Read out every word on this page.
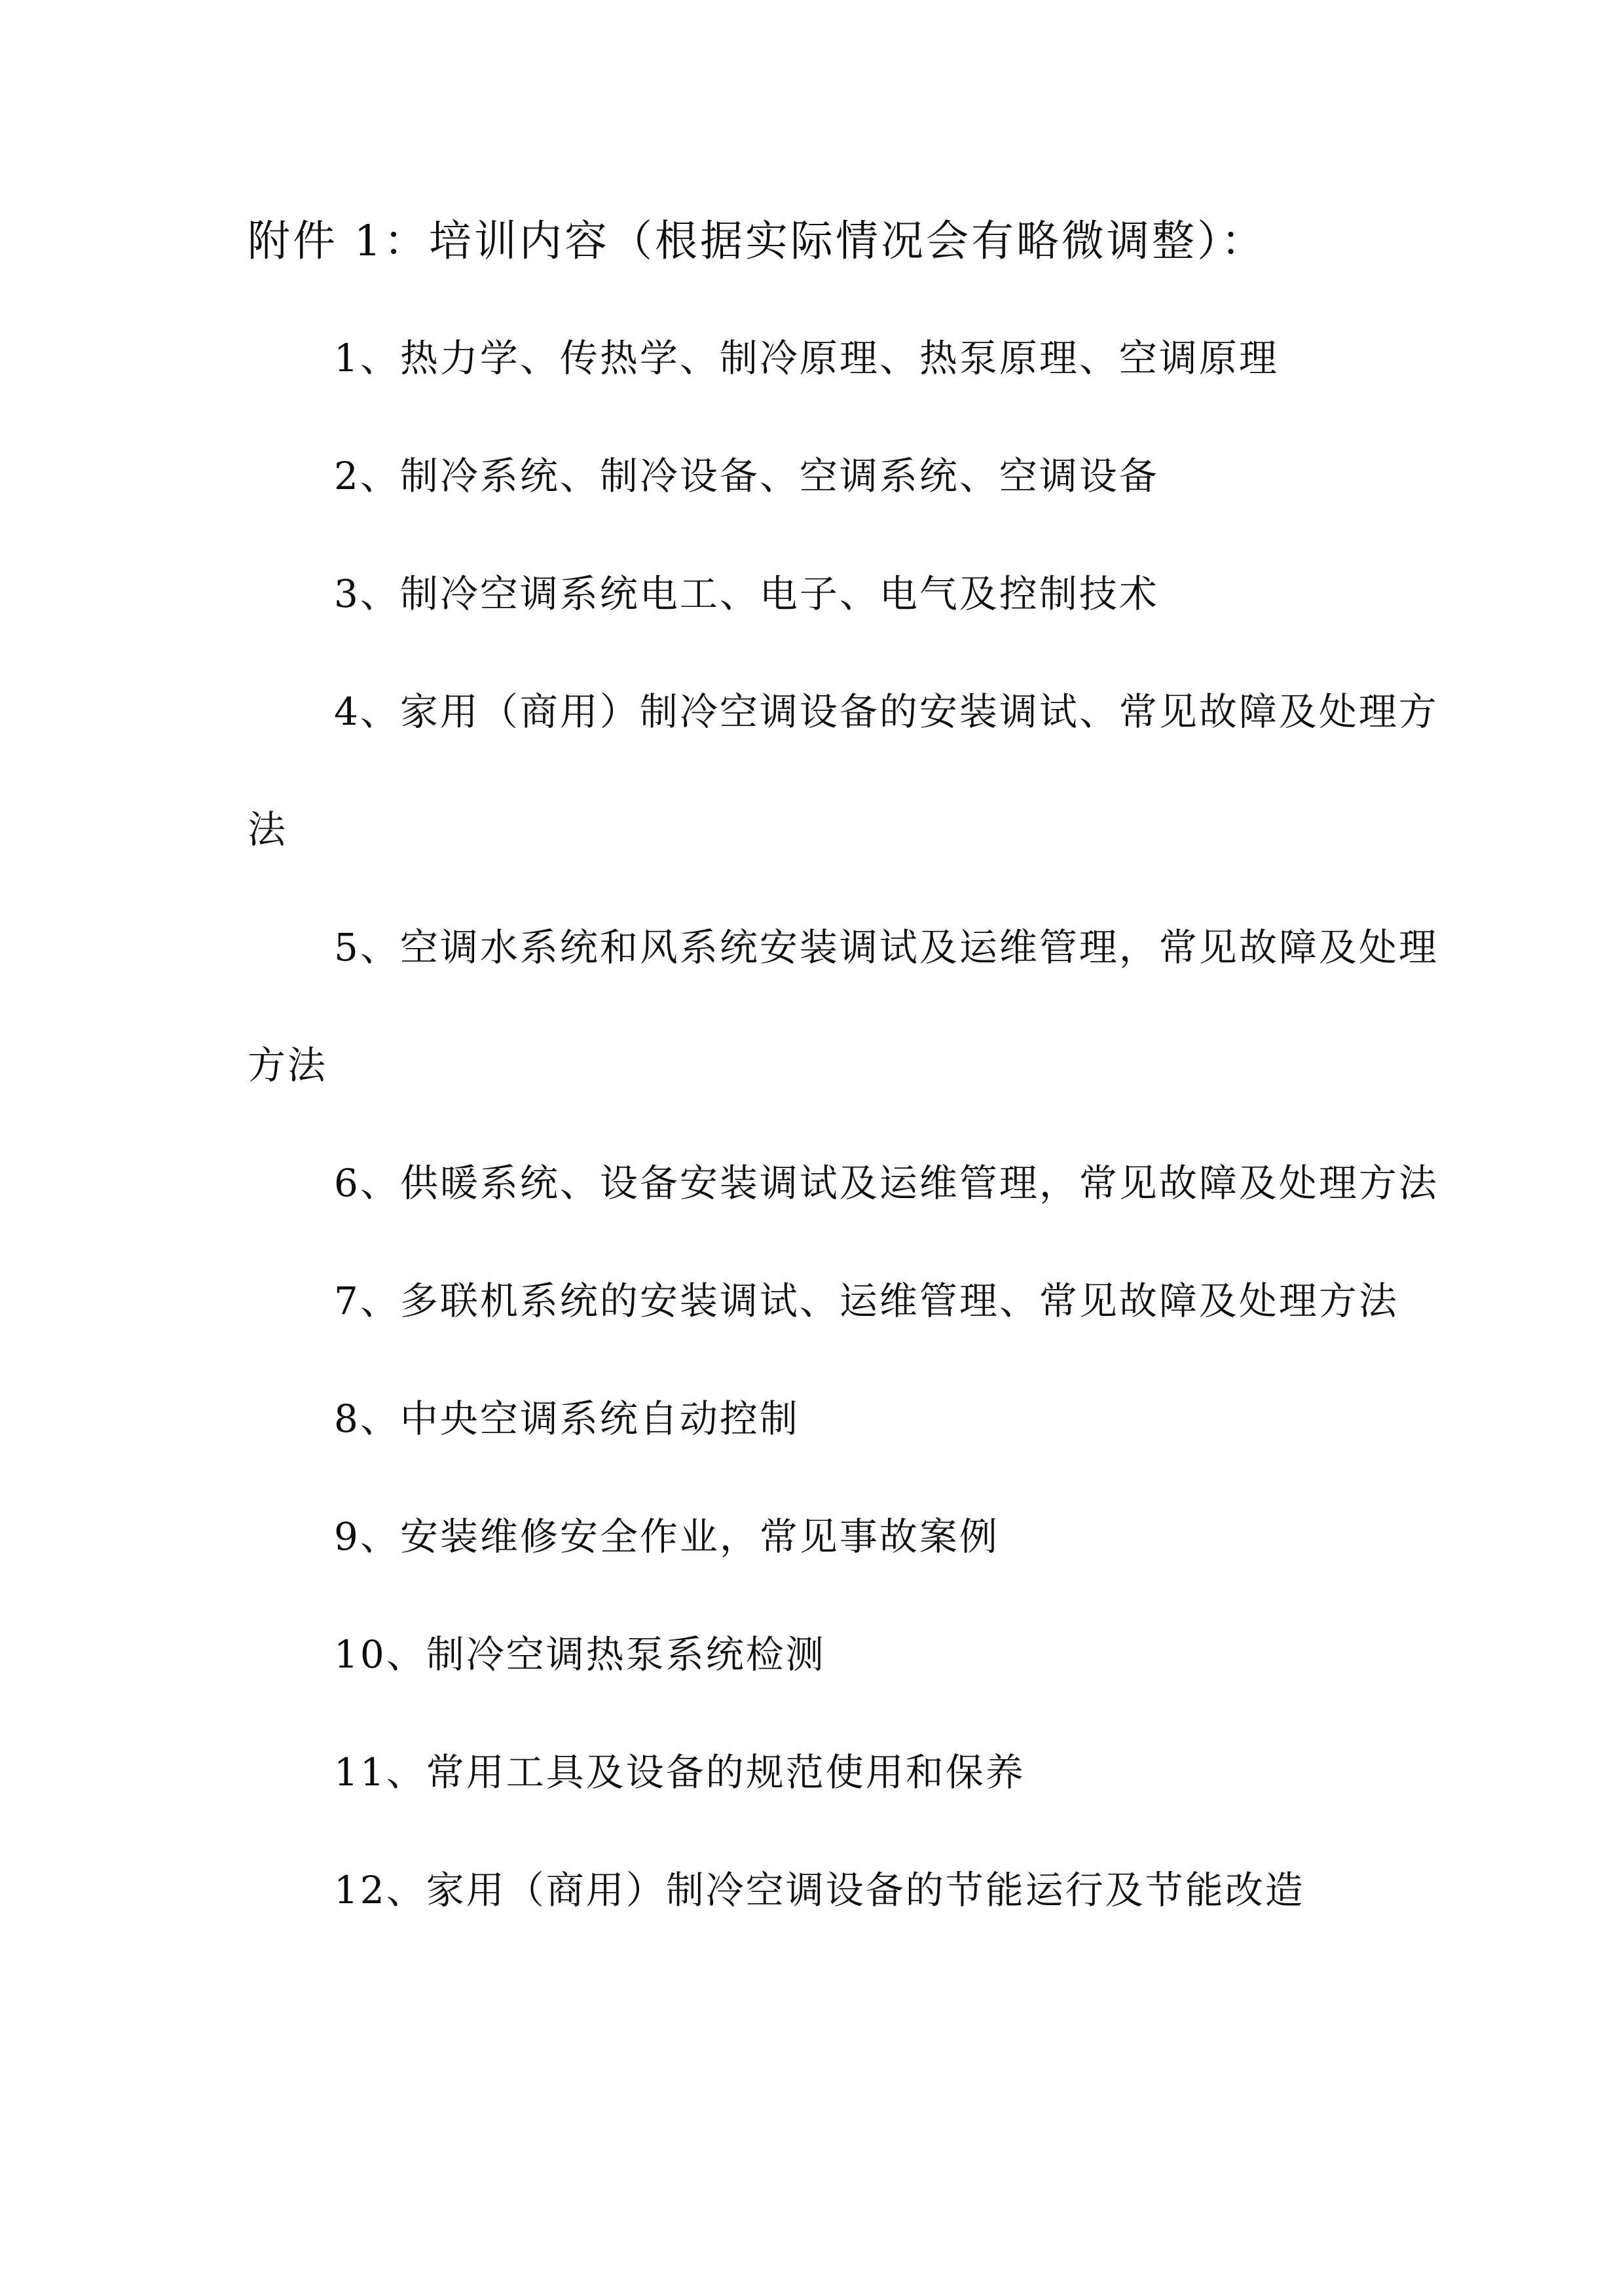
附件 1：培训内容（根据实际情况会有略微调整）：
1、热力学、传热学、制冷原理、热泵原理、空调原理
2、制冷系统、制冷设备、空调系统、空调设备
3、制冷空调系统电工、电子、电气及控制技术
4、家用（商用）制冷空调设备的安装调试、常见故障及处理方
法
5、空调水系统和风系统安装调试及运维管理，常见故障及处理
方法
6、供暖系统、设备安装调试及运维管理，常见故障及处理方法
7、多联机系统的安装调试、运维管理、常见故障及处理方法
8、中央空调系统自动控制
9、安装维修安全作业，常见事故案例
10、制冷空调热泵系统检测
11、常用工具及设备的规范使用和保养
12、家用（商用）制冷空调设备的节能运行及节能改造
